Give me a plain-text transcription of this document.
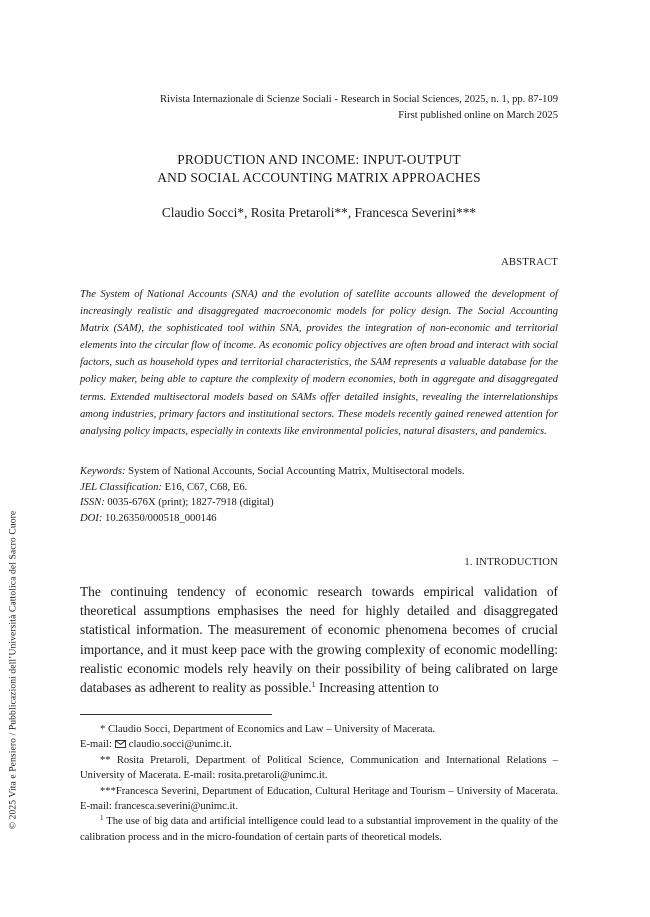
Rivista Internazionale di Scienze Sociali - Research in Social Sciences, 2025, n. 1, pp. 87-109
First published online on March 2025
PRODUCTION AND INCOME: INPUT-OUTPUT
AND SOCIAL ACCOUNTING MATRIX APPROACHES
Claudio Socci*, Rosita Pretaroli**, Francesca Severini***
ABSTRACT
The System of National Accounts (SNA) and the evolution of satellite accounts allowed the development of increasingly realistic and disaggregated macroeconomic models for policy design. The Social Accounting Matrix (SAM), the sophisticated tool within SNA, provides the integration of non-economic and territorial elements into the circular flow of income. As economic policy objectives are often broad and interact with social factors, such as household types and territorial characteristics, the SAM represents a valuable database for the policy maker, being able to capture the complexity of modern economies, both in aggregate and disaggregated terms. Extended multisectoral models based on SAMs offer detailed insights, revealing the interrelationships among industries, primary factors and institutional sectors. These models recently gained renewed attention for analysing policy impacts, especially in contexts like environmental policies, natural disasters, and pandemics.
Keywords: System of National Accounts, Social Accounting Matrix, Multisectoral models.
JEL Classification: E16, C67, C68, E6.
ISSN: 0035-676X (print); 1827-7918 (digital)
DOI: 10.26350/000518_000146
1. INTRODUCTION
The continuing tendency of economic research towards empirical validation of theoretical assumptions emphasises the need for highly detailed and disaggregated statistical information. The measurement of economic phenomena becomes of crucial importance, and it must keep pace with the growing complexity of economic modelling: realistic economic models rely heavily on their possibility of being calibrated on large databases as adherent to reality as possible.$^1$ Increasing attention to

* Claudio Socci, Department of Economics and Law – University of Macerata.

E-mail: claudio.socci@unimc.it.

** Rosita Pretaroli, Department of Political Science, Communication and International Relations – University of Macerata. E-mail: rosita.pretaroli@unimc.it.

***Francesca Severini, Department of Education, Cultural Heritage and Tourism – University of Macerata. E-mail: francesca.severini@unimc.it.

$^1$ The use of big data and artificial intelligence could lead to a substantial improvement in the quality of the calibration process and in the micro-foundation of certain parts of theoretical models.

© 2025 Vita e Pensiero / Pubblicazioni dell’Università Cattolica del Sacro Cuore
